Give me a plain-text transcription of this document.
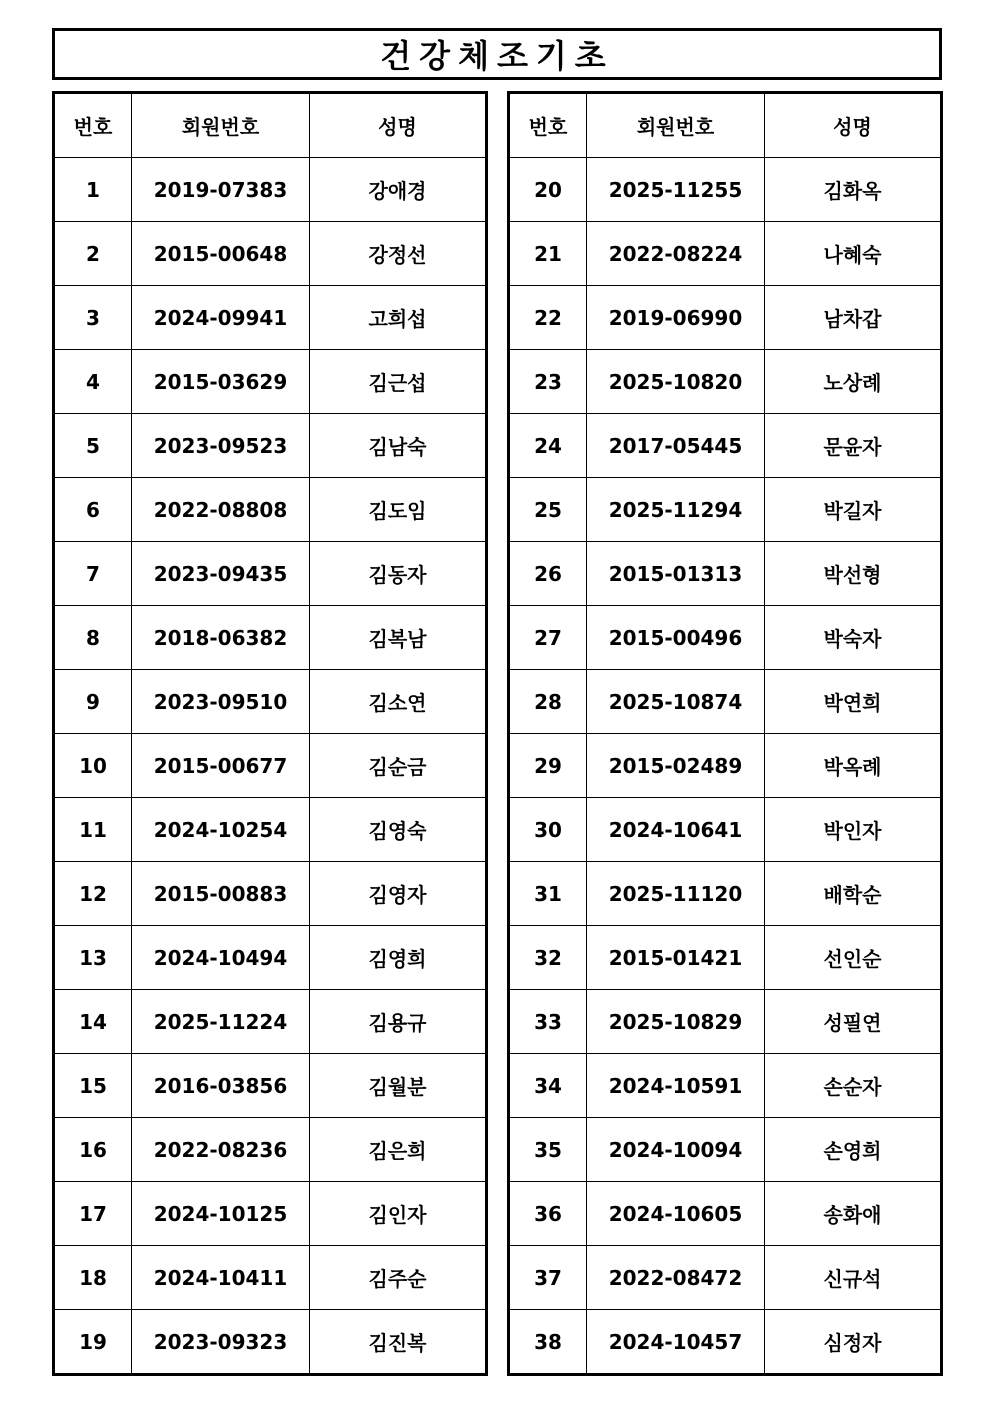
건강체조기초
번호	회원번호	성명
1	2019-07383	강애경
2	2015-00648	강정선
3	2024-09941	고희섭
4	2015-03629	김근섭
5	2023-09523	김남숙
6	2022-08808	김도임
7	2023-09435	김동자
8	2018-06382	김복남
9	2023-09510	김소연
10	2015-00677	김순금
11	2024-10254	김영숙
12	2015-00883	김영자
13	2024-10494	김영희
14	2025-11224	김용규
15	2016-03856	김월분
16	2022-08236	김은희
17	2024-10125	김인자
18	2024-10411	김주순
19	2023-09323	김진복
번호	회원번호	성명
20	2025-11255	김화옥
21	2022-08224	나혜숙
22	2019-06990	남차갑
23	2025-10820	노상례
24	2017-05445	문윤자
25	2025-11294	박길자
26	2015-01313	박선형
27	2015-00496	박숙자
28	2025-10874	박연희
29	2015-02489	박옥례
30	2024-10641	박인자
31	2025-11120	배학순
32	2015-01421	선인순
33	2025-10829	성필연
34	2024-10591	손순자
35	2024-10094	손영희
36	2024-10605	송화애
37	2022-08472	신규석
38	2024-10457	심정자
